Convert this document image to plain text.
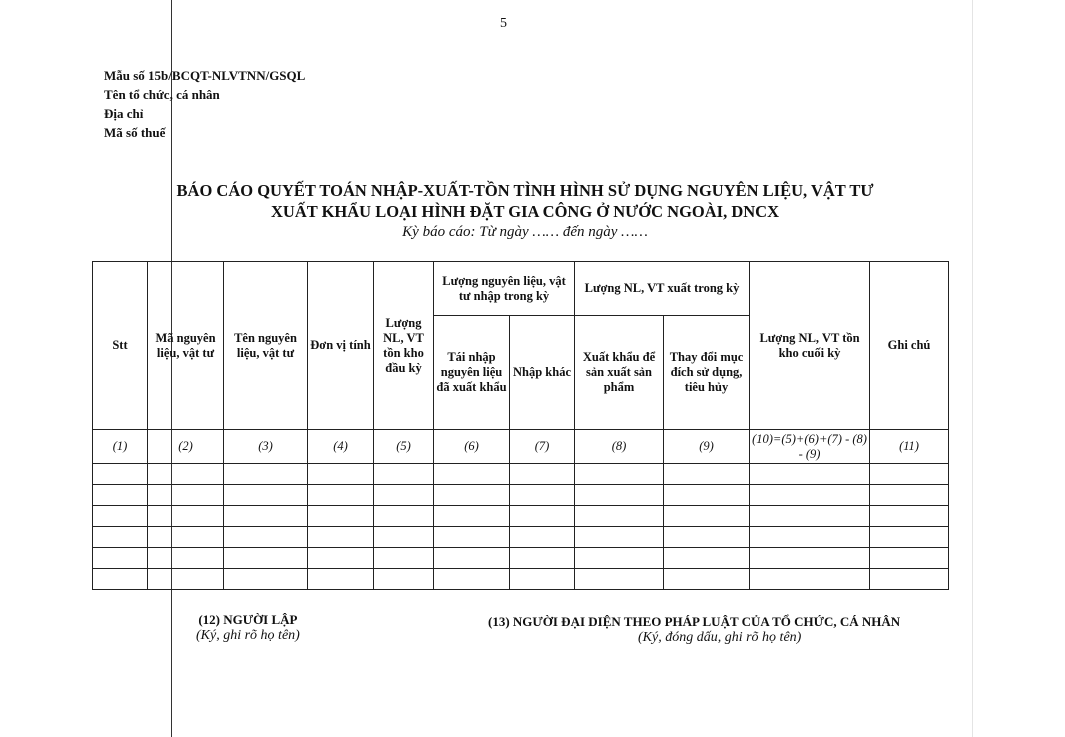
5
Mẫu số 15b/BCQT-NLVTNN/GSQL
Tên tổ chức, cá nhân
Địa chỉ
Mã số thuế
BÁO CÁO QUYẾT TOÁN NHẬP-XUẤT-TỒN TÌNH HÌNH SỬ DỤNG NGUYÊN LIỆU, VẬT TƯ
XUẤT KHẨU LOẠI HÌNH ĐẶT GIA CÔNG Ở NƯỚC NGOÀI, DNCX
Kỳ báo cáo: Từ ngày …… đến ngày ……
Stt	Mã nguyên liệu, vật tư	Tên nguyên liệu, vật tư	Đơn vị tính	Lượng NL, VT tồn kho đầu kỳ	Lượng nguyên liệu, vật tư nhập trong kỳ		Lượng NL, VT xuất trong kỳ		Lượng NL, VT tồn kho cuối kỳ	Ghi chú
					Tái nhập nguyên liệu đã xuất khẩu	Nhập khác	Xuất khẩu để sản xuất sản phẩm	Thay đổi mục đích sử dụng, tiêu hủy		
(1)	(2)	(3)	(4)	(5)	(6)	(7)	(8)	(9)	(10)=(5)+(6)+(7) - (8) - (9)	(11)

(12) NGƯỜI LẬP
(Ký, ghi rõ họ tên)
(13) NGƯỜI ĐẠI DIỆN THEO PHÁP LUẬT CỦA TỔ CHỨC, CÁ NHÂN
(Ký, đóng dấu, ghi rõ họ tên)
